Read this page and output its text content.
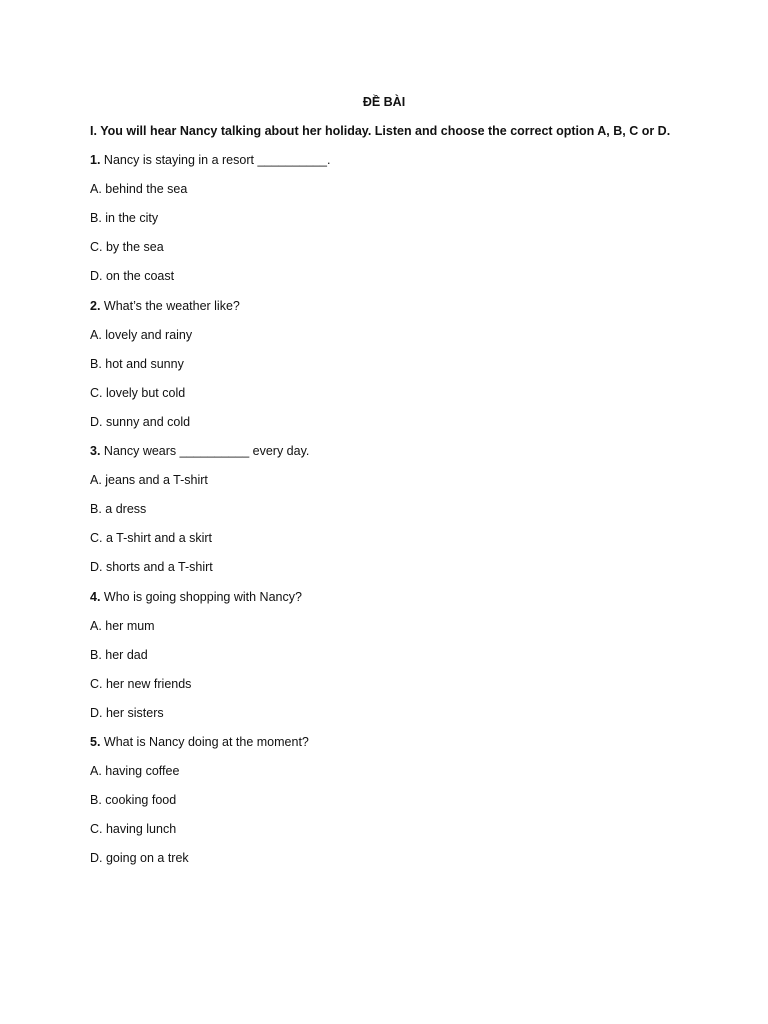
ĐỀ BÀI

I. You will hear Nancy talking about her holiday. Listen and choose the correct option A, B, C or D.

1. Nancy is staying in a resort __________.

A. behind the sea

B. in the city

C. by the sea

D. on the coast

2. What’s the weather like?

A. lovely and rainy

B. hot and sunny

C. lovely but cold

D. sunny and cold

3. Nancy wears __________ every day.

A. jeans and a T-shirt

B. a dress

C. a T-shirt and a skirt

D. shorts and a T-shirt

4. Who is going shopping with Nancy?

A. her mum

B. her dad

C. her new friends

D. her sisters

5. What is Nancy doing at the moment?

A. having coffee

B. cooking food

C. having lunch

D. going on a trek
